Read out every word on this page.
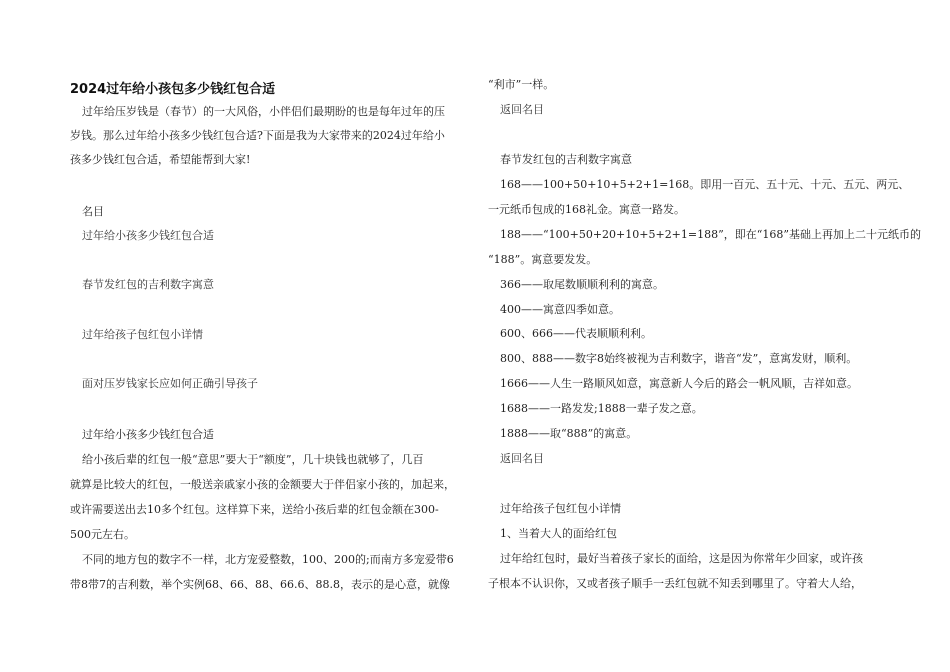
2024过年给小孩包多少钱红包合适

过年给压岁钱是（春节）的一大风俗，小伴侣们最期盼的也是每年过年的压

岁钱。那么过年给小孩多少钱红包合适?下面是我为大家带来的2024过年给小

孩多少钱红包合适，希望能帮到大家!

名目

过年给小孩多少钱红包合适

春节发红包的吉利数字寓意

过年给孩子包红包小详情

面对压岁钱家长应如何正确引导孩子

过年给小孩多少钱红包合适

给小孩后辈的红包一般“意思”要大于“额度”，几十块钱也就够了，几百

就算是比较大的红包，一般送亲戚家小孩的金额要大于伴侣家小孩的，加起来，

或许需要送出去10多个红包。这样算下来，送给小孩后辈的红包金额在300-

500元左右。

不同的地方包的数字不一样，北方宠爱整数，100、200的;而南方多宠爱带6

带8带7的吉利数，举个实例68、66、88、66.6、88.8，表示的是心意，就像

“利市”一样。

返回名目

春节发红包的吉利数字寓意

168——100+50+10+5+2+1=168。即用一百元、五十元、十元、五元、两元、

一元纸币包成的168礼金。寓意一路发。

188——“100+50+20+10+5+2+1=188”，即在“168”基础上再加上二十元纸币的

“188”。寓意要发发。

366——取尾数顺顺利利的寓意。

400——寓意四季如意。

600、666——代表顺顺利利。

800、888——数字8始终被视为吉利数字，谐音“发”，意寓发财，顺利。

1666——人生一路顺风如意，寓意新人今后的路会一帆风顺，吉祥如意。

1688——一路发发;1888一辈子发之意。

1888——取“888”的寓意。

返回名目

过年给孩子包红包小详情

1、当着大人的面给红包

过年给红包时，最好当着孩子家长的面给，这是因为你常年少回家，或许孩

子根本不认识你，又或者孩子顺手一丢红包就不知丢到哪里了。守着大人给，
